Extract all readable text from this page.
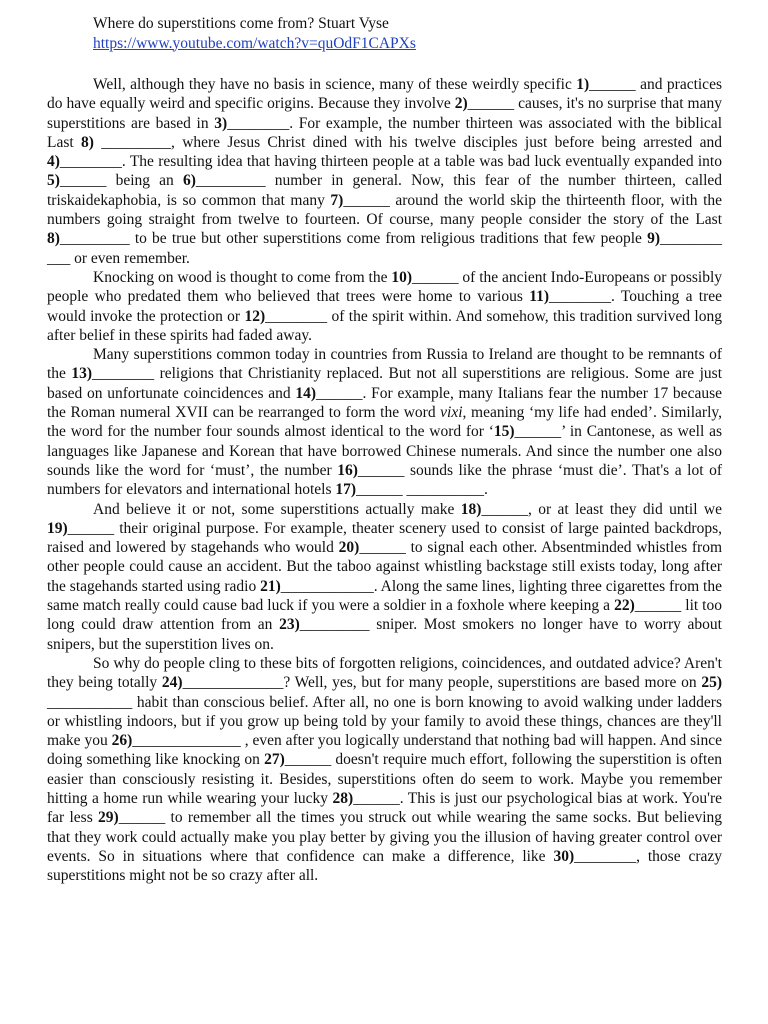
Where do superstitions come from? Stuart Vyse
https://www.youtube.com/watch?v=quOdF1CAPXs

Well, although they have no basis in science, many of these weirdly specific 1)______ and practices do have equally weird and specific origins. Because they involve 2)______ causes, it's no surprise that many superstitions are based in 3)________. For example, the number thirteen was associated with the biblical Last 8) _________, where Jesus Christ dined with his twelve disciples just before being arrested and 4)________. The resulting idea that having thirteen people at a table was bad luck eventually expanded into 5)______ being an 6)_________ number in general. Now, this fear of the number thirteen, called triskaidekaphobia, is so common that many 7)______ around the world skip the thirteenth floor, with the numbers going straight from twelve to fourteen. Of course, many people consider the story of the Last 8)_________ to be true but other superstitions come from religious traditions that few people 9)________ ___ or even remember.

Knocking on wood is thought to come from the 10)______ of the ancient Indo-Europeans or possibly people who predated them who believed that trees were home to various 11)________. Touching a tree would invoke the protection or 12)________ of the spirit within. And somehow, this tradition survived long after belief in these spirits had faded away.

Many superstitions common today in countries from Russia to Ireland are thought to be remnants of the 13)________ religions that Christianity replaced. But not all superstitions are religious. Some are just based on unfortunate coincidences and 14)______. For example, many Italians fear the number 17 because the Roman numeral XVII can be rearranged to form the word vixi, meaning ‘my life had ended’. Similarly, the word for the number four sounds almost identical to the word for ‘15)______’ in Cantonese, as well as languages like Japanese and Korean that have borrowed Chinese numerals. And since the number one also sounds like the word for ‘must’, the number 16)______ sounds like the phrase ‘must die’. That's a lot of numbers for elevators and international hotels 17)______ __________.

And believe it or not, some superstitions actually make 18)______, or at least they did until we 19)______ their original purpose. For example, theater scenery used to consist of large painted backdrops, raised and lowered by stagehands who would 20)______ to signal each other. Absentminded whistles from other people could cause an accident. But the taboo against whistling backstage still exists today, long after the stagehands started using radio 21)____________. Along the same lines, lighting three cigarettes from the same match really could cause bad luck if you were a soldier in a foxhole where keeping a 22)______ lit too long could draw attention from an 23)_________ sniper. Most smokers no longer have to worry about snipers, but the superstition lives on.

So why do people cling to these bits of forgotten religions, coincidences, and outdated advice? Aren't they being totally 24)_____________? Well, yes, but for many people, superstitions are based more on 25) ___________ habit than conscious belief. After all, no one is born knowing to avoid walking under ladders or whistling indoors, but if you grow up being told by your family to avoid these things, chances are they'll make you 26)______________ , even after you logically understand that nothing bad will happen. And since doing something like knocking on 27)______ doesn't require much effort, following the superstition is often easier than consciously resisting it. Besides, superstitions often do seem to work. Maybe you remember hitting a home run while wearing your lucky 28)______. This is just our psychological bias at work. You're far less 29)______ to remember all the times you struck out while wearing the same socks. But believing that they work could actually make you play better by giving you the illusion of having greater control over events. So in situations where that confidence can make a difference, like 30)________, those crazy superstitions might not be so crazy after all.
